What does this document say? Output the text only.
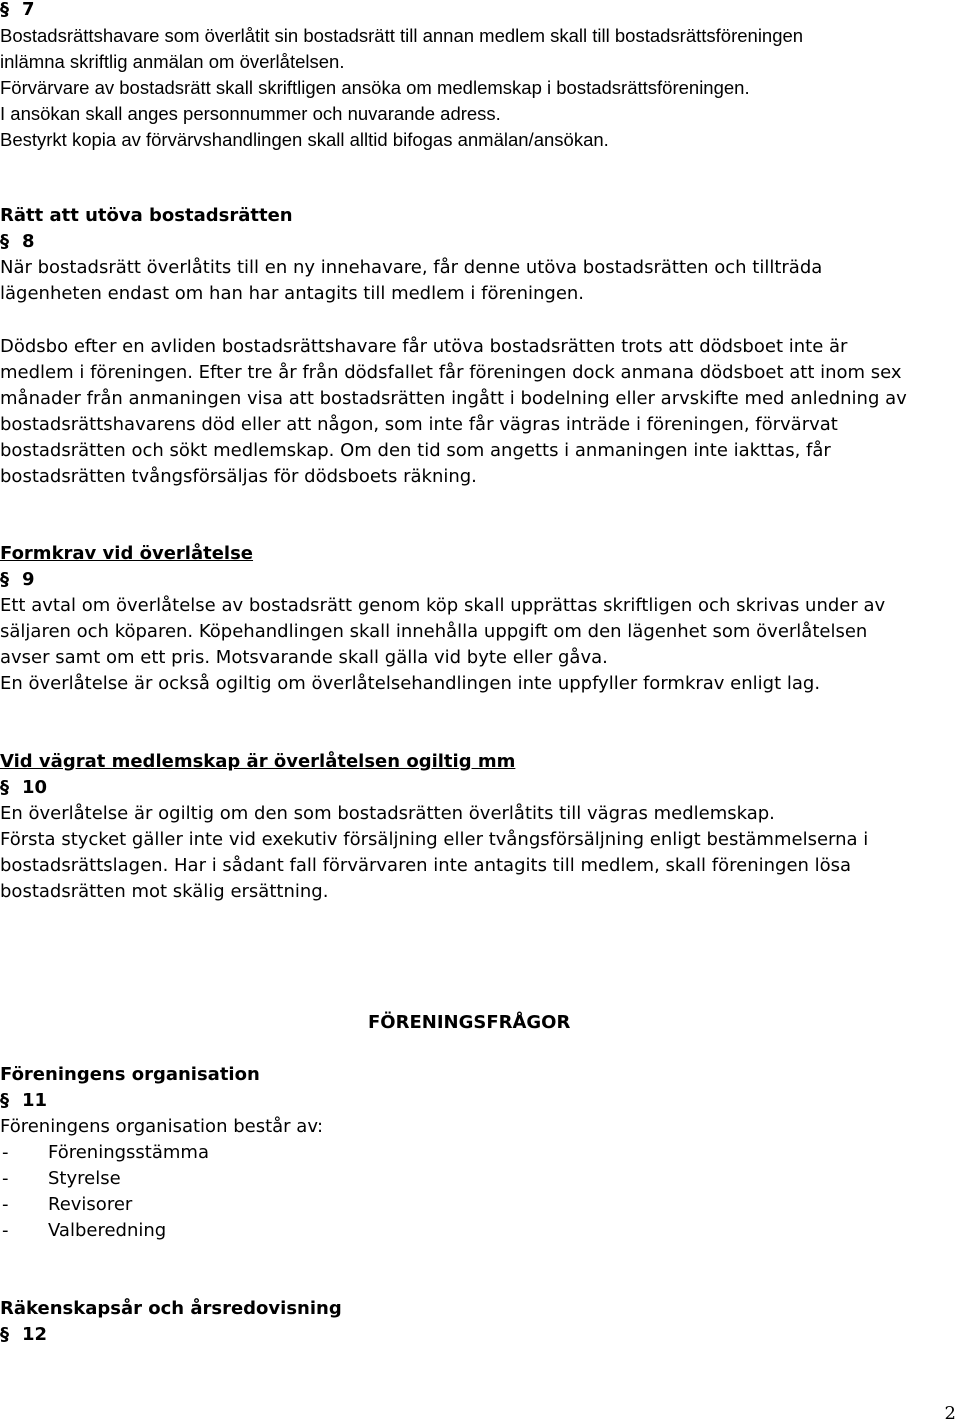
§ 7
Bostadsrättshavare som överlåtit sin bostadsrätt till annan medlem skall till bostadsrättsföreningen
inlämna skriftlig anmälan om överlåtelsen.
Förvärvare av bostadsrätt skall skriftligen ansöka om medlemskap i bostadsrättsföreningen.
I ansökan skall anges personnummer och nuvarande adress.
Bestyrkt kopia av förvärvshandlingen skall alltid bifogas anmälan/ansökan.
Rätt att utöva bostadsrätten
§ 8
När bostadsrätt överlåtits till en ny innehavare, får denne utöva bostadsrätten och tillträda
lägenheten endast om han har antagits till medlem i föreningen.
Dödsbo efter en avliden bostadsrättshavare får utöva bostadsrätten trots att dödsboet inte är
medlem i föreningen. Efter tre år från dödsfallet får föreningen dock anmana dödsboet att inom sex
månader från anmaningen visa att bostadsrätten ingått i bodelning eller arvskifte med anledning av
bostadsrättshavarens död eller att någon, som inte får vägras inträde i föreningen, förvärvat
bostadsrätten och sökt medlemskap. Om den tid som angetts i anmaningen inte iakttas, får
bostadsrätten tvångsförsäljas för dödsboets räkning.
Formkrav vid överlåtelse
§ 9
Ett avtal om överlåtelse av bostadsrätt genom köp skall upprättas skriftligen och skrivas under av
säljaren och köparen. Köpehandlingen skall innehålla uppgift om den lägenhet som överlåtelsen
avser samt om ett pris. Motsvarande skall gälla vid byte eller gåva.
En överlåtelse är också ogiltig om överlåtelsehandlingen inte uppfyller formkrav enligt lag.
Vid vägrat medlemskap är överlåtelsen ogiltig mm
§ 10
En överlåtelse är ogiltig om den som bostadsrätten överlåtits till vägras medlemskap.
Första stycket gäller inte vid exekutiv försäljning eller tvångsförsäljning enligt bestämmelserna i
bostadsrättslagen. Har i sådant fall förvärvaren inte antagits till medlem, skall föreningen lösa
bostadsrätten mot skälig ersättning.
FÖRENINGSFRÅGOR
Föreningens organisation
§ 11
Föreningens organisation består av:
- Föreningsstämma
- Styrelse
- Revisorer
- Valberedning
Räkenskapsår och årsredovisning
§ 12
2
